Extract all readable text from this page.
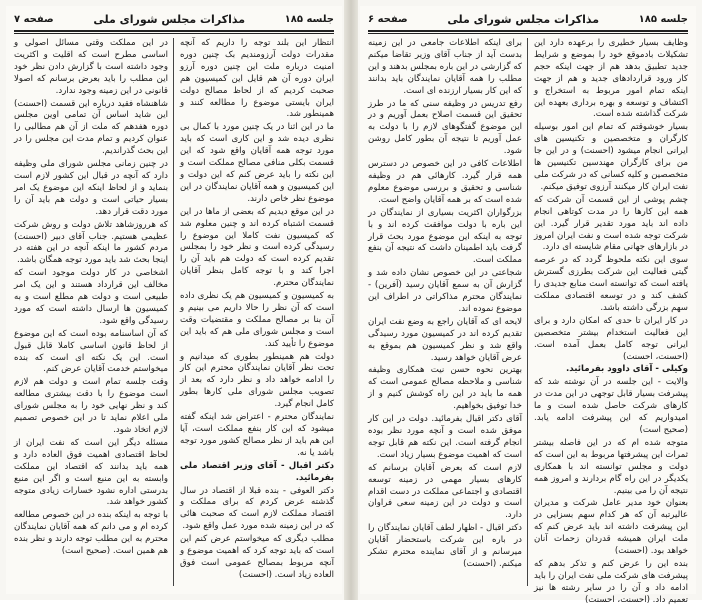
صفحه ۷	مذاکرات مجلس شورای ملی	جلسه ۱۸۵

انتظار این بلند توجه را داریم که آنچه مقدرات دولت آرزومندیم بک چنین دوره امنیت درباره ملت این چنین دوره آرزو ایران دوره آن هم قایل این کمیسیون هم صحبت کردیم که از لحاظ مصالح دولت ایران بایستی موضوع را مطالعه کنند و همینطور شد.

ما در این اثنا در یک چنین مورد با کمال بی نظری دیده شد و این کاری است که باید مورد توجه همه آقایان واقع شود که این قسمت بکلی منافی مصالح مملکت است و این نکته را باید عرض کنم که این دولت و این کمیسیون و همه آقایان نمایندگان در این موضوع نظر خاص دارند.

در این موقع دیدیم که بعضی از ماها در این قسمت اشتباه کرده اند و چنین معلوم شد که کمیسیون نفت کاملا این موضوع را رسیدگی کرده است و نظر خود را بمجلس تقدیم کرده است که دولت هم باید آن را اجرا کند و با توجه کامل بنظر آقایان نمایندگان محترم.

به کمیسیون و کمیسیون هم یک نظری داده است که آن نظر را حالا داریم می بینیم و آن بنا بر مصالح مملکت و مقتضیات وقت است و مجلس شورای ملی هم که باید این موضوع را تأیید کند.

دولت هم همینطور بطوری که میدانیم و تحت نظر آقایان نمایندگان محترم این کار را ادامه خواهد داد و نظر دارد که بعد از تصویب مجلس شورای ملی کارها بطور کامل انجام گیرد.

نمایندگان محترم - اعتراض شد اینکه گفته میشود که این کار بنفع مملکت است، آیا این هم باید از نظر مصالح کشور مورد توجه باشد یا نه.

دکتر اقبال - آقای وزیر اقتصاد ملی بفرمائید.

دکتر العوفی - بنده قبلا از اقتصاد در سال گذشته عرض کردم که برای مملکت و اقتصاد مملکت لازم است که صحبت هائی که در این زمینه شده مورد عمل واقع شود.

مطلب دیگری که میخواستم عرض کنم این است که باید توجه کرد که اهمیت موضوع و آنچه مربوط بمصالح عمومی است فوق العاده زیاد است. (احسنت)

در این مملکت وقتی مسائل اصولی و اساسی مطرح است که اقلیت و اکثریت وجود داشته است با گزارش دادن نظر خود این مطلب را باید بعرض برسانم که اصولا قانونی در این زمینه وجود ندارد.

شاهنشاه فقید درباره این قسمت (احسنت) این شاید اساس آن تمامی اوین مجلس دوره هفدهم که ملت از آن هم مطالبی را عنوان کردیم و تمام مدت این مجلس را در این بحث گذراندیم.

در چنین زمانی مجلس شورای ملی وظیفه دارد که آنچه در قبال این کشور لازم است بنماید و از لحاظ اینکه این موضوع یک امر بسیار حیاتی است و دولت هم باید آن را مورد دقت قرار دهد.

که هرروزشاهد تلاش دولت و روش شرکت عظیمی هستیم. جناب آقای دبیر (احسنت) مردم کشور ما اینکه آنچه در این هفته در اینجا بحث شد باید مورد توجه همگان باشد.

اشخاصی در کار دولت موجود است که مخالف این قرارداد هستند و این یک امر طبیعی است و دولت هم مطلع است و به کمیسیون ها ارسال داشته است که مورد رسیدگی واقع شود.

که آن اساسنامه بوده است که این موضوع از لحاظ قانون اساسی کاملا قابل قبول است. این یک نکته ای است که بنده میخواستم خدمت آقایان عرض کنم.

وقت جلسه تمام است و دولت هم لازم است موضوع را با دقت بیشتری مطالعه کند و نظر نهایی خود را به مجلس شورای ملی اعلام نماید تا در این خصوص تصمیم لازم اتخاذ شود.

مسئله دیگر این است که نفت ایران از لحاظ اقتصادی اهمیت فوق العاده دارد و همه باید بدانند که اقتصاد این مملکت وابسته به این منبع است و اگر این منبع بدرستی اداره نشود خسارات زیادی متوجه کشور خواهد شد.

با توجه به اینکه بنده در این خصوص مطالعه کرده ام و می دانم که همه آقایان نمایندگان محترم به این مطلب توجه دارند و نظر بنده هم همین است. (صحیح است)

صفحه ۶	مذاکرات مجلس شورای ملی	جلسه ۱۸۵

وظایف بسیار خطیری را برعهده دارد این تشکیلات بادموقع خود را بموضع و شرایط جدید تطبیق بدهد هم از جهت اینکه حجم کار ورود قراردادهای جدید و هم از جهت اینکه تمام امور مربوط به استخراج و اکتشاف و توسعه و بهره برداری بعهده این شرکت گذاشته شده است.

بسیار خوشوقتم که تمام این امور بوسیله کارگران و متخصصین و تکنیسین های ایرانی انجام میشود (احسنت) و در این جا من برای کارگران مهندسین تکنیسین ها متخصصین و کلیه کسانی که در شرکت ملی نفت ایران کار میکنند آرزوی توفیق میکنم.

چشم پوشی از این قسمت آن شرکت که همه این کارها را در مدت کوتاهی انجام داده اند باید مورد تقدیر قرار گیرد. این شرکت توجه شده است و نفت ایران امروز در بازارهای جهانی مقام شایسته ای دارد.

سوی این نکته ملحوظ گردد که در عرصه گیتی فعالیت این شرکت بطرزی گسترش یافته است که توانسته است منابع جدیدی را کشف کند و در توسعه اقتصادی مملکت سهم بزرگی داشته باشد.

در کار ایران تا حدی که امکان دارد و برای این فعالیت استخدام بیشتر متخصصین ایرانی توجه کامل بعمل آمده است. (احسنت، احسنت)

وکیلی - آقای داوود بفرمائید.

والایت - این جلسه در آن نوشته شد که پیشرفت بسیار قابل توجهی در این مدت در کارهای شرکت حاصل شده است و ما امیدواریم که این پیشرفت ادامه یابد. (صحیح است)

متوجه شده ام که در این فاصله بیشتر ثمرات این پیشرفتها مربوط به این است که دولت و مجلس توانسته اند با همکاری یکدیگر در این راه گام بردارند و امروز همه نتیجه آن را می بینیم.

بعنوان خود مدیر عامل شرکت و مدیران عالیرتبه آن که هر کدام سهم بسزایی در این پیشرفت داشته اند باید عرض کنم که ملت ایران همیشه قدردان زحمات آنان خواهد بود. (احسنت)

بنده این را عرض کنم و تذکر بدهم که پیشرفت های شرکت ملی نفت ایران را باید ادامه داد و آن را در سایر رشته ها نیز تعمیم داد. (احسنت، احسنت)

برای اینکه اطلاعات جامعی در این زمینه بدست آید از جناب آقای وزیر تقاضا میکنم که گزارشی در این باره بمجلس بدهند و این مطلب را همه آقایان نمایندگان باید بدانند که این کار بسیار ارزنده ای است.

رفع تدریس در وظیفه سنی که ما در طرز تحقیق این قسمت اصلاح بعمل آوریم و در این موضوع گفتگوهای لازم را با دولت به عمل آوریم تا نتیجه آن بطور کامل روشن شود.

اطلاعات کافی در این خصوص در دسترس همه قرار گیرد. کارهائی هم در وظیفه شناسی و تحقیق و بررسی موضوع معلوم شده است که بر همه آقایان واضح است.

بزرگواران اکثریت بسیاری از نمایندگان در این باره با دولت موافقت کرده اند و با توجه به اینکه این موضوع مورد بحث قرار گرفت باید اطمینان داشت که نتیجه آن بنفع مملکت است.

شجاعتی در این خصوص نشان داده شد و گزارش آن به سمع آقایان رسید (آفرین) - نمایندگان محترم مذاکراتی در اطراف این موضوع نموده اند.

لایحه ای که آقایان راجع به وضع نفت ایران تقدیم کرده اند در کمیسیون مورد رسیدگی واقع شد و نظر کمیسیون هم بموقع به عرض آقایان خواهد رسید.

بهترین نحوه حسن نیت همکاری وظیفه شناسی و ملاحظه مصالح عمومی است که همه ما باید در این راه کوشش کنیم و از خدا توفیق بخواهیم.

آقای دکتر اقبال بفرمائید. دولت در این کار موفق شده است و آنچه مورد نظر بوده انجام گرفته است. این نکته هم قابل توجه است که اهمیت موضوع بسیار زیاد است.

لازم است که بعرض آقایان برسانم که کارهای بسیار مهمی در زمینه توسعه اقتصادی و اجتماعی مملکت در دست اقدام است و دولت در این زمینه سعی فراوان دارد.

دکتر اقبال - اظهار لطف آقایان نمایندگان را در باره این شرکت باستحضار آقایان میرسانم و از آقای نماینده محترم تشکر میکنم. (احسنت)
